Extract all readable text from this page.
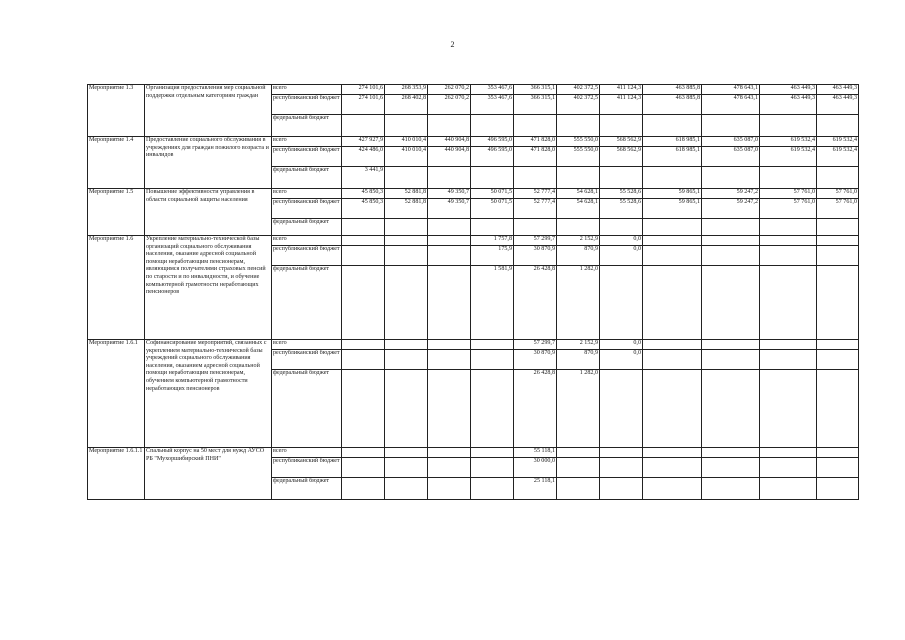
2
Мероприятие 1.3	Организация предоставления мер социальной поддержки отдельным категориям граждан	всего	274 101,6	268 353,9	262 070,2	353 467,6	366 315,1	402 372,5	411 124,3	463 885,8	478 643,1	463 449,3	463 449,3
		республиканский бюджет	274 101,6	268 402,8	262 070,2	353 467,6	366 315,1	402 372,5	411 124,3	463 885,8	478 643,1	463 449,3	463 449,3
		федеральный бюджет											
Мероприятие 1.4	Предоставление социального обслуживания в учреждениях для граждан пожилого возраста и инвалидов	всего	427 927,9	410 010,4	440 904,8	496 595,0	471 828,0	555 550,0	568 562,9	618 985,1	635 087,0	619 532,4	619 532,4
		республиканский бюджет	424 486,0	410 010,4	440 904,8	496 595,0	471 828,0	555 550,0	568 562,9	618 985,1	635 087,0	619 532,4	619 532,4
		федеральный бюджет	3 441,9										
Мероприятие 1.5	Повышение эффективности управления в области социальной защиты населения	всего	45 850,3	52 881,8	49 350,7	50 071,5	52 777,4	54 628,1	55 528,6	59 865,1	59 247,2	57 761,0	57 761,0
		республиканский бюджет	45 850,3	52 881,8	49 350,7	50 071,5	52 777,4	54 628,1	55 528,6	59 865,1	59 247,2	57 761,0	57 761,0
		федеральный бюджет											
Мероприятие 1.6	Укрепление материально-технической базы организаций социального обслуживания населения, оказание адресной социальной помощи неработающим пенсионерам, являющимся получателями страховых пенсий по старости и по инвалидности, и обучение компьютерной грамотности неработающих пенсионеров	всего				1 757,8	57 299,7	2 152,9	0,0				
		республиканский бюджет				175,9	30 870,9	870,9	0,0				
		федеральный бюджет				1 581,9	26 428,8	1 282,0					
Мероприятие 1.6.1	Софинансирование мероприятий, связанных с укреплением материально-технической базы учреждений социального обслуживания населения, оказанием адресной социальной помощи неработающим пенсионерам, обучением компьютерной грамотности неработающих пенсионеров	всего					57 299,7	2 152,9	0,0				
		республиканский бюджет					30 870,9	870,9	0,0				
		федеральный бюджет					26 428,8	1 282,0					
Мероприятие 1.6.1.1	Спальный корпус на 50 мест для нужд АУСО РБ "Мухоршибирский ПНИ"	всего					55 118,1						
		республиканский бюджет					30 000,0						
		федеральный бюджет					25 118,1						
